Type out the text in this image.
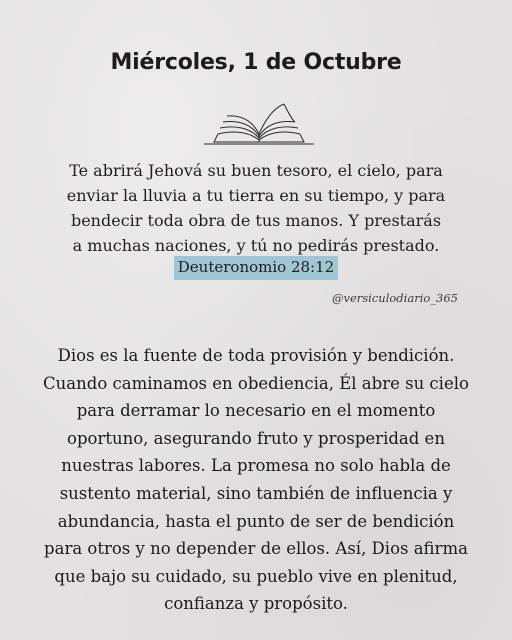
Miércoles, 1 de Octubre
Te abrirá Jehová su buen tesoro, el cielo, para
enviar la lluvia a tu tierra en su tiempo, y para
bendecir toda obra de tus manos. Y prestarás
a muchas naciones, y tú no pedirás prestado.
Deuteronomio 28:12
@versiculodiario_365
Dios es la fuente de toda provisión y bendición.
Cuando caminamos en obediencia, Él abre su cielo
para derramar lo necesario en el momento
oportuno, asegurando fruto y prosperidad en
nuestras labores. La promesa no solo habla de
sustento material, sino también de influencia y
abundancia, hasta el punto de ser de bendición
para otros y no depender de ellos. Así, Dios afirma
que bajo su cuidado, su pueblo vive en plenitud,
confianza y propósito.
